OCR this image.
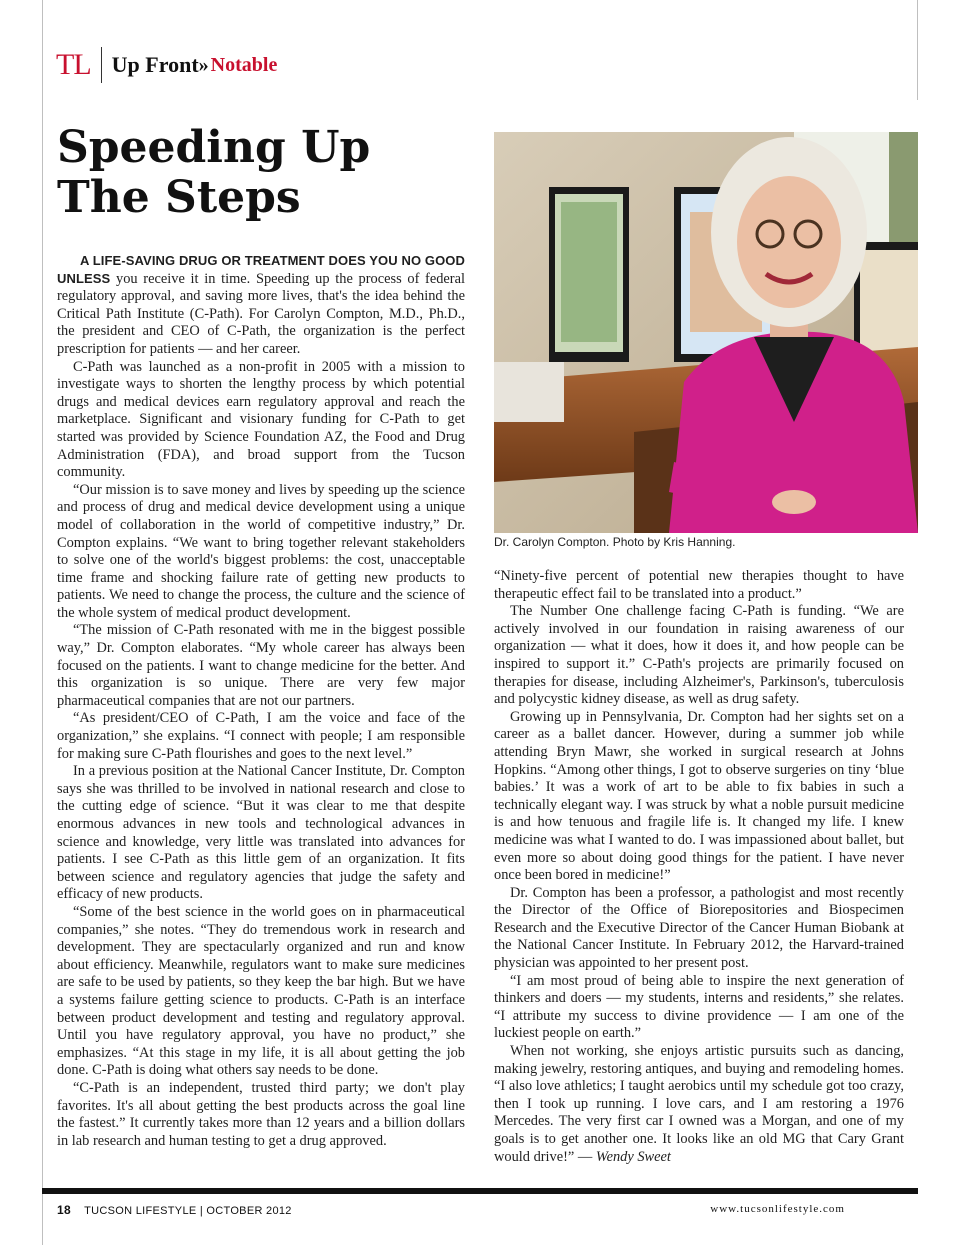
TL Up Front » Notable
Speeding Up
The Steps

A LIFE-SAVING DRUG OR TREATMENT DOES YOU NO GOOD
UNLESS you receive it in time. Speeding up the process of federal regulatory approval, and saving more lives, that's the idea behind the Critical Path Institute (C-Path). For Carolyn Compton, M.D., Ph.D., the president and CEO of C-Path, the organization is the perfect prescription for patients — and her career.

C-Path was launched as a non-profit in 2005 with a mission to investigate ways to shorten the lengthy process by which potential drugs and medical devices earn regulatory approval and reach the marketplace. Significant and visionary funding for C-Path to get started was provided by Science Foundation AZ, the Food and Drug Administration (FDA), and broad support from the Tucson community.

“Our mission is to save money and lives by speeding up the science and process of drug and medical device development using a unique model of collaboration in the world of competitive industry,” Dr. Compton explains. “We want to bring together relevant stakeholders to solve one of the world's biggest problems: the cost, unacceptable time frame and shocking failure rate of getting new products to patients. We need to change the process, the culture and the science of the whole system of medical product development.

“The mission of C-Path resonated with me in the biggest possible way,” Dr. Compton elaborates. “My whole career has always been focused on the patients. I want to change medicine for the better. And this organization is so unique. There are very few major pharmaceutical companies that are not our partners.

“As president/CEO of C-Path, I am the voice and face of the organization,” she explains. “I connect with people; I am responsible for making sure C-Path flourishes and goes to the next level.”

In a previous position at the National Cancer Institute, Dr. Compton says she was thrilled to be involved in national research and close to the cutting edge of science. “But it was clear to me that despite enormous advances in new tools and technological advances in science and knowledge, very little was translated into advances for patients. I see C-Path as this little gem of an organization. It fits between science and regulatory agencies that judge the safety and efficacy of new products.

“Some of the best science in the world goes on in pharmaceutical companies,” she notes. “They do tremendous work in research and development. They are spectacularly organized and run and know about efficiency. Meanwhile, regulators want to make sure medicines are safe to be used by patients, so they keep the bar high. But we have a systems failure getting science to products. C-Path is an interface between product development and testing and regulatory approval. Until you have regulatory approval, you have no product,” she emphasizes. “At this stage in my life, it is all about getting the job done. C-Path is doing what others say needs to be done.

“C-Path is an independent, trusted third party; we don't play favorites. It's all about getting the best products across the goal line the fastest.” It currently takes more than 12 years and a billion dollars in lab research and human testing to get a drug approved.

Dr. Carolyn Compton. Photo by Kris Hanning.

“Ninety-five percent of potential new therapies thought to have therapeutic effect fail to be translated into a product.”

The Number One challenge facing C-Path is funding. “We are actively involved in our foundation in raising awareness of our organization — what it does, how it does it, and how people can be inspired to support it.” C-Path's projects are primarily focused on therapies for disease, including Alzheimer's, Parkinson's, tuberculosis and polycystic kidney disease, as well as drug safety.

Growing up in Pennsylvania, Dr. Compton had her sights set on a career as a ballet dancer. However, during a summer job while attending Bryn Mawr, she worked in surgical research at Johns Hopkins. “Among other things, I got to observe surgeries on tiny ‘blue babies.’ It was a work of art to be able to fix babies in such a technically elegant way. I was struck by what a noble pursuit medicine is and how tenuous and fragile life is. It changed my life. I knew medicine was what I wanted to do. I was impassioned about ballet, but even more so about doing good things for the patient. I have never once been bored in medicine!”

Dr. Compton has been a professor, a pathologist and most recently the Director of the Office of Biorepositories and Biospecimen Research and the Executive Director of the Cancer Human Biobank at the National Cancer Institute. In February 2012, the Harvard-trained physician was appointed to her present post.

“I am most proud of being able to inspire the next generation of thinkers and doers — my students, interns and residents,” she relates. “I attribute my success to divine providence — I am one of the luckiest people on earth.”

When not working, she enjoys artistic pursuits such as dancing, making jewelry, restoring antiques, and buying and remodeling homes. “I also love athletics; I taught aerobics until my schedule got too crazy, then I took up running. I love cars, and I am restoring a 1976 Mercedes. The very first car I owned was a Morgan, and one of my goals is to get another one. It looks like an old MG that Cary Grant would drive!” — Wendy Sweet

18 TUCSON LIFESTYLE | OCTOBER 2012	www.tucsonlifestyle.com
